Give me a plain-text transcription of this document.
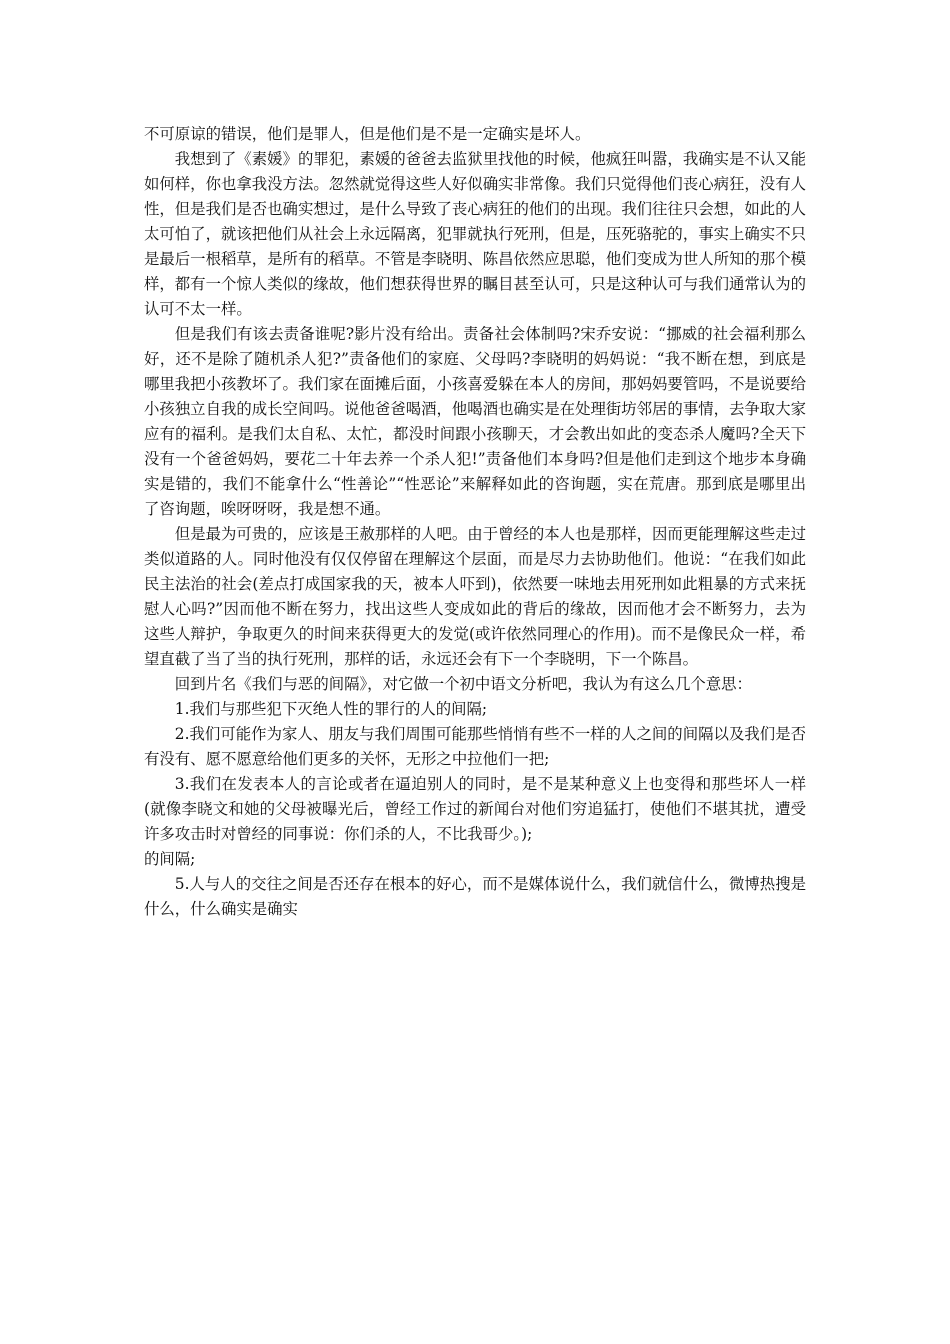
不可原谅的错误，他们是罪人，但是他们是不是一定确实是坏人。

我想到了《素媛》的罪犯，素媛的爸爸去监狱里找他的时候，他疯狂叫嚣，我确实是不认又能如何样，你也拿我没方法。忽然就觉得这些人好似确实非常像。我们只觉得他们丧心病狂，没有人性，但是我们是否也确实想过，是什么导致了丧心病狂的他们的出现。我们往往只会想，如此的人太可怕了，就该把他们从社会上永远隔离，犯罪就执行死刑，但是，压死骆驼的，事实上确实不只是最后一根稻草，是所有的稻草。不管是李晓明、陈昌依然应思聪，他们变成为世人所知的那个模样，都有一个惊人类似的缘故，他们想获得世界的瞩目甚至认可，只是这种认可与我们通常认为的认可不太一样。

但是我们有该去责备谁呢?影片没有给出。责备社会体制吗?宋乔安说：“挪威的社会福利那么好，还不是除了随机杀人犯?”责备他们的家庭、父母吗?李晓明的妈妈说：“我不断在想，到底是哪里我把小孩教坏了。我们家在面摊后面，小孩喜爱躲在本人的房间，那妈妈要管吗，不是说要给小孩独立自我的成长空间吗。说他爸爸喝酒，他喝酒也确实是在处理街坊邻居的事情，去争取大家应有的福利。是我们太自私、太忙，都没时间跟小孩聊天，才会教出如此的变态杀人魔吗?全天下没有一个爸爸妈妈，要花二十年去养一个杀人犯!”责备他们本身吗?但是他们走到这个地步本身确实是错的，我们不能拿什么“性善论”“性恶论”来解释如此的咨询题，实在荒唐。那到底是哪里出了咨询题，唉呀呀呀，我是想不通。

但是最为可贵的，应该是王赦那样的人吧。由于曾经的本人也是那样，因而更能理解这些走过类似道路的人。同时他没有仅仅停留在理解这个层面，而是尽力去协助他们。他说：“在我们如此民主法治的社会(差点打成国家我的天，被本人吓到)，依然要一味地去用死刑如此粗暴的方式来抚慰人心吗?”因而他不断在努力，找出这些人变成如此的背后的缘故，因而他才会不断努力，去为这些人辩护，争取更久的时间来获得更大的发觉(或许依然同理心的作用)。而不是像民众一样，希望直截了当了当的执行死刑，那样的话，永远还会有下一个李晓明，下一个陈昌。

回到片名《我们与恶的间隔》，对它做一个初中语文分析吧，我认为有这么几个意思：

1.我们与那些犯下灭绝人性的罪行的人的间隔;

2.我们可能作为家人、朋友与我们周围可能那些悄悄有些不一样的人之间的间隔以及我们是否有没有、愿不愿意给他们更多的关怀，无形之中拉他们一把;

3.我们在发表本人的言论或者在逼迫别人的同时，是不是某种意义上也变得和那些坏人一样(就像李晓文和她的父母被曝光后，曾经工作过的新闻台对他们穷追猛打，使他们不堪其扰，遭受许多攻击时对曾经的同事说：你们杀的人，不比我哥少。);

的间隔;

5.人与人的交往之间是否还存在根本的好心，而不是媒体说什么，我们就信什么，微博热搜是什么，什么确实是确实
